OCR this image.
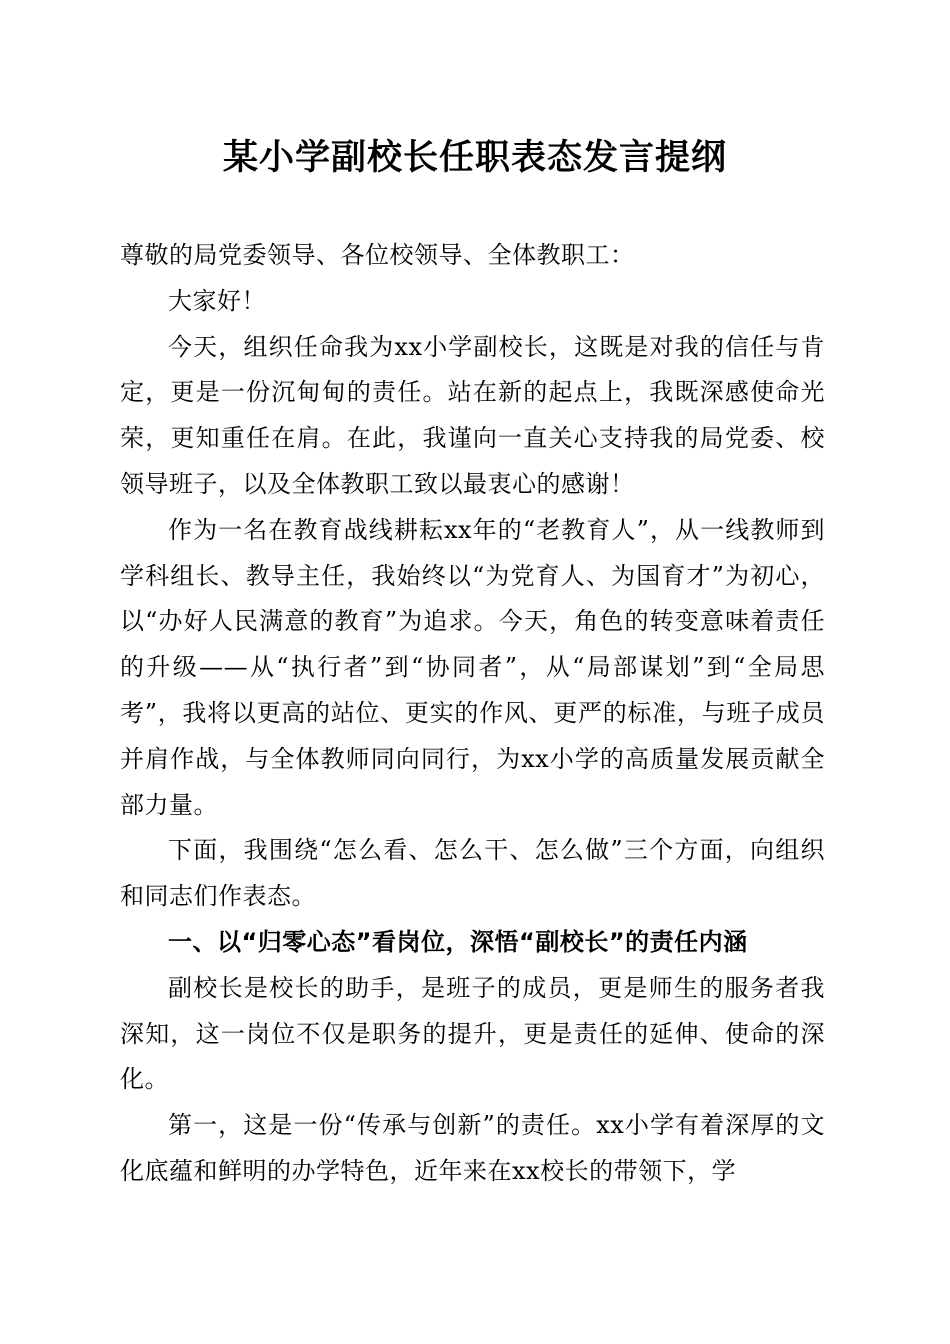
某小学副校长任职表态发言提纲

尊敬的局党委领导、各位校领导、全体教职工：

大家好！

今天，组织任命我为xx小学副校长，这既是对我的信任与肯定，更是一份沉甸甸的责任。站在新的起点上，我既深感使命光荣，更知重任在肩。在此，我谨向一直关心支持我的局党委、校领导班子，以及全体教职工致以最衷心的感谢！

作为一名在教育战线耕耘xx年的“老教育人”，从一线教师到学科组长、教导主任，我始终以“为党育人、为国育才”为初心，以“办好人民满意的教育”为追求。今天，角色的转变意味着责任的升级——从“执行者”到“协同者”，从“局部谋划”到“全局思考”，我将以更高的站位、更实的作风、更严的标准，与班子成员并肩作战，与全体教师同向同行，为xx小学的高质量发展贡献全部力量。

下面，我围绕“怎么看、怎么干、怎么做”三个方面，向组织和同志们作表态。

一、以“归零心态”看岗位，深悟“副校长”的责任内涵

副校长是校长的助手，是班子的成员，更是师生的服务者我深知，这一岗位不仅是职务的提升，更是责任的延伸、使命的深化。

第一，这是一份“传承与创新”的责任。xx小学有着深厚的文化底蕴和鲜明的办学特色，近年来在xx校长的带领下，学
